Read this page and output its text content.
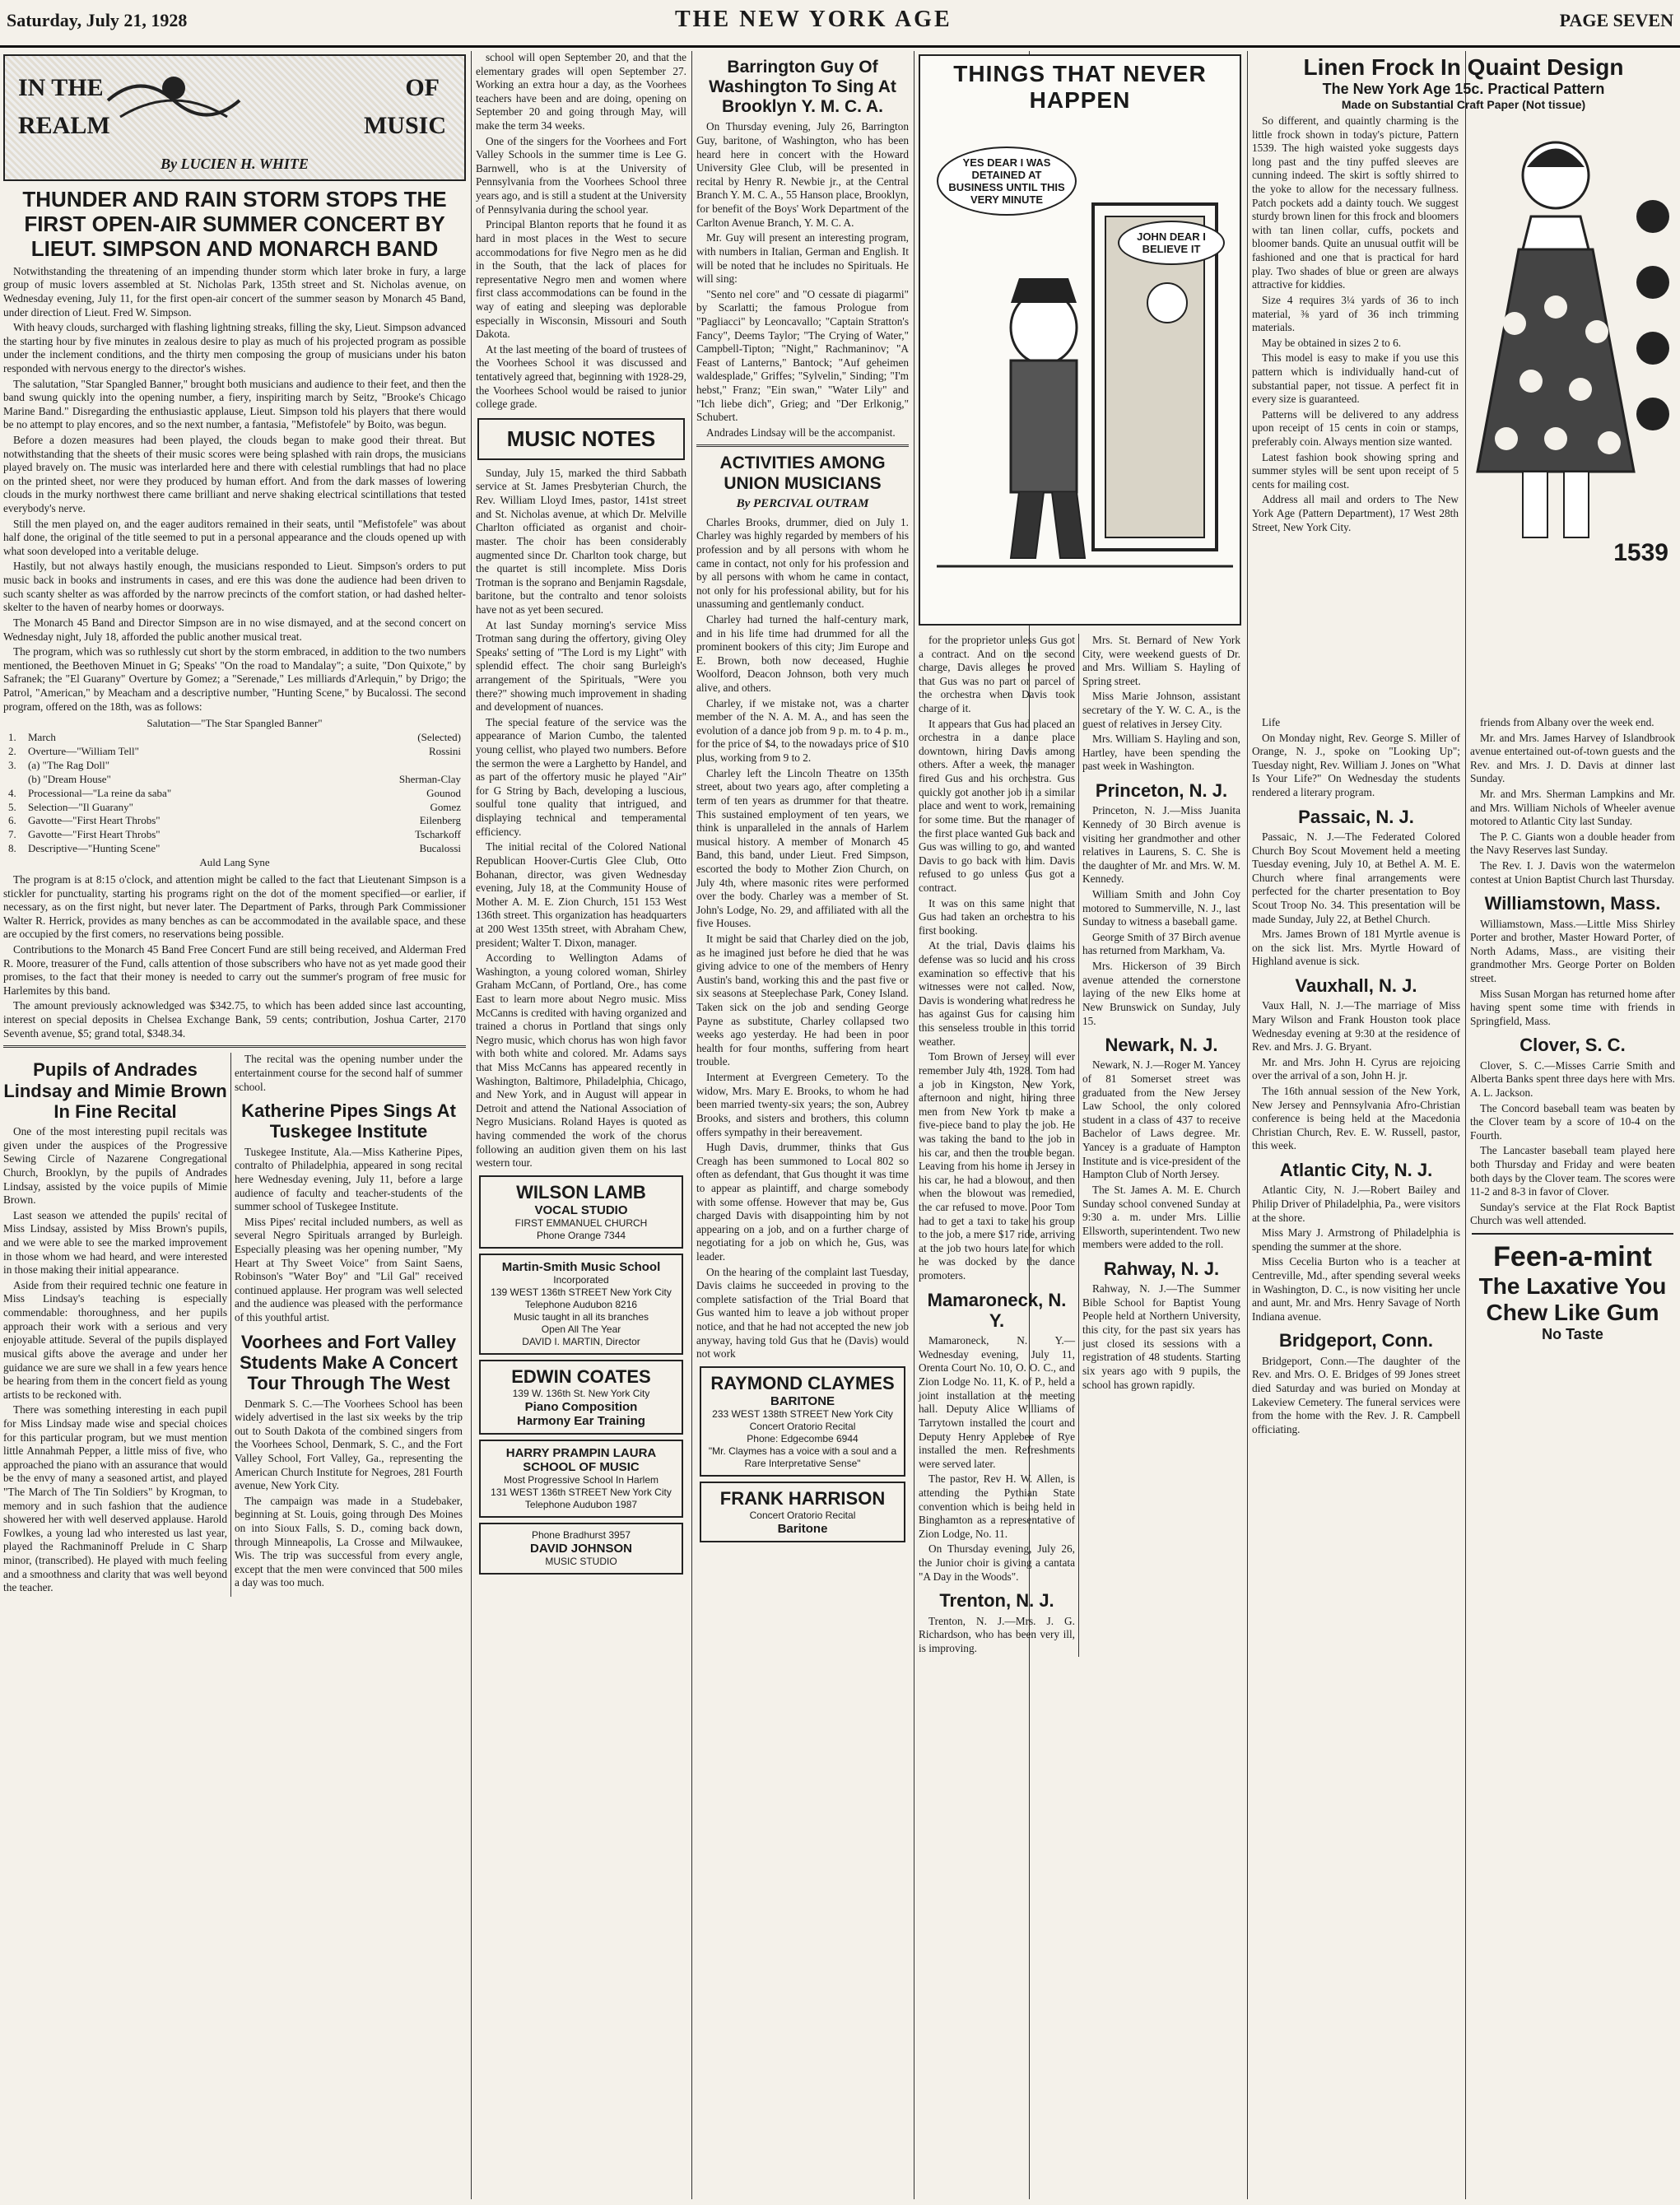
Saturday, July 21, 1928	THE NEW YORK AGE	PAGE SEVEN
IN THE
REALM
OF
MUSIC
By LUCIEN H. WHITE
THUNDER AND RAIN STORM STOPS THE FIRST OPEN-AIR SUMMER CONCERT BY LIEUT. SIMPSON AND MONARCH BAND

Notwithstanding the threatening of an impending thunder storm which later broke in fury, a large group of music lovers assembled at St. Nicholas Park, 135th street and St. Nicholas avenue, on Wednesday evening, July 11, for the first open-air concert of the summer season by Monarch 45 Band, under direction of Lieut. Fred W. Simpson.

With heavy clouds, surcharged with flashing lightning streaks, filling the sky, Lieut. Simpson advanced the starting hour by five minutes in zealous desire to play as much of his projected program as possible under the inclement conditions, and the thirty men composing the group of musicians under his baton responded with nervous energy to the director's wishes.

The salutation, "Star Spangled Banner," brought both musicians and audience to their feet, and then the band swung quickly into the opening number, a fiery, inspiriting march by Seitz, "Brooke's Chicago Marine Band." Disregarding the enthusiastic applause, Lieut. Simpson told his players that there would be no attempt to play encores, and so the next number, a fantasia, "Mefistofele" by Boito, was begun.

Before a dozen measures had been played, the clouds began to make good their threat. But notwithstanding that the sheets of their music scores were being splashed with rain drops, the musicians played bravely on. The music was interlarded here and there with celestial rumblings that had no place on the printed sheet, nor were they produced by human effort. And from the dark masses of lowering clouds in the murky northwest there came brilliant and nerve shaking electrical scintillations that tested everybody's nerve.

Still the men played on, and the eager auditors remained in their seats, until "Mefistofele" was about half done, the original of the title seemed to put in a personal appearance and the clouds opened up with what soon developed into a veritable deluge.

Hastily, but not always hastily enough, the musicians responded to Lieut. Simpson's orders to put music back in books and instruments in cases, and ere this was done the audience had been driven to such scanty shelter as was afforded by the narrow precincts of the comfort station, or had dashed helter-skelter to the haven of nearby homes or doorways.

The Monarch 45 Band and Director Simpson are in no wise dismayed, and at the second concert on Wednesday night, July 18, afforded the public another musical treat.

The program, which was so ruthlessly cut short by the storm embraced, in addition to the two numbers mentioned, the Beethoven Minuet in G; Speaks' "On the road to Mandalay"; a suite, "Don Quixote," by Safranek; the "El Guarany" Overture by Gomez; a "Serenade," Les milliards d'Arlequin," by Drigo; the Patrol, "American," by Meacham and a descriptive number, "Hunting Scene," by Bucalossi. The second program, offered on the 18th, was as follows:

Salutation—"The Star Spangled Banner"
1.	March	(Selected)
2.	Overture—"William Tell"	Rossini
3.	(a) "The Rag Doll"
(b) "Dream House"	Sherman-Clay
4.	Processional—"La reine da saba"	Gounod
5.	Selection—"Il Guarany"	Gomez
6.	Gavotte—"First Heart Throbs"	Eilenberg
7.	Gavotte—"First Heart Throbs"	Tscharkoff
8.	Descriptive—"Hunting Scene"	Bucalossi
Auld Lang Syne

The program is at 8:15 o'clock, and attention might be called to the fact that Lieutenant Simpson is a stickler for punctuality, starting his programs right on the dot of the moment specified—or earlier, if necessary, as on the first night, but never later. The Department of Parks, through Park Commissioner Walter R. Herrick, provides as many benches as can be accommodated in the available space, and these are occupied by the first comers, no reservations being possible.

Contributions to the Monarch 45 Band Free Concert Fund are still being received, and Alderman Fred R. Moore, treasurer of the Fund, calls attention of those subscribers who have not as yet made good their promises, to the fact that their money is needed to carry out the summer's program of free music for Harlemites by this band.

The amount previously acknowledged was $342.75, to which has been added since last accounting, interest on special deposits in Chelsea Exchange Bank, 59 cents; contribution, Joshua Carter, 2170 Seventh avenue, $5; grand total, $348.34.

Pupils of Andrades Lindsay and Mimie Brown In Fine Recital

One of the most interesting pupil recitals was given under the auspices of the Progressive Sewing Circle of Nazarene Congregational Church, Brooklyn, by the pupils of Andrades Lindsay, assisted by the voice pupils of Mimie Brown.

Last season we attended the pupils' recital of Miss Lindsay, assisted by Miss Brown's pupils, and we were able to see the marked improvement in those whom we had heard, and were interested in those making their initial appearance.

Aside from their required technic one feature in Miss Lindsay's teaching is especially commendable: thoroughness, and her pupils approach their work with a serious and very enjoyable attitude. Several of the pupils displayed musical gifts above the average and under her guidance we are sure we shall in a few years hence be hearing from them in the concert field as young artists to be reckoned with.

There was something interesting in each pupil for Miss Lindsay made wise and special choices for this particular program, but we must mention little Annahmah Pepper, a little miss of five, who approached the piano with an assurance that would be the envy of many a seasoned artist, and played "The March of The Tin Soldiers" by Krogman, to memory and in such fashion that the audience showered her with well deserved applause. Harold Fowlkes, a young lad who interested us last year, played the Rachmaninoff Prelude in C Sharp minor, (transcribed). He played with much feeling and a smoothness and clarity that was well beyond the teacher.

The recital was the opening number under the entertainment course for the second half of summer school.

Katherine Pipes Sings At Tuskegee Institute

Tuskegee Institute, Ala.—Miss Katherine Pipes, contralto of Philadelphia, appeared in song recital here Wednesday evening, July 11, before a large audience of faculty and teacher-students of the summer school of Tuskegee Institute.

Miss Pipes' recital included numbers, as well as several Negro Spirituals arranged by Burleigh. Especially pleasing was her opening number, "My Heart at Thy Sweet Voice" from Saint Saens, Robinson's "Water Boy" and "Lil Gal" received continued applause. Her program was well selected and the audience was pleased with the performance of this youthful artist.

Voorhees and Fort Valley Students Make A Concert Tour Through The West

Denmark S. C.—The Voorhees School has been widely advertised in the last six weeks by the trip out to South Dakota of the combined singers from the Voorhees School, Denmark, S. C., and the Fort Valley School, Fort Valley, Ga., representing the American Church Institute for Negroes, 281 Fourth avenue, New York City.

The campaign was made in a Studebaker, beginning at St. Louis, going through Des Moines on into Sioux Falls, S. D., coming back down, through Minneapolis, La Crosse and Milwaukee, Wis. The trip was successful from every angle, except that the men were convinced that 500 miles a day was too much.

school will open September 20, and that the elementary grades will open September 27. Working an extra hour a day, as the Voorhees teachers have been and are doing, opening on September 20 and going through May, will make the term 34 weeks.

One of the singers for the Voorhees and Fort Valley Schools in the summer time is Lee G. Barnwell, who is at the University of Pennsylvania from the Voorhees School three years ago, and is still a student at the University of Pennsylvania during the school year.

Principal Blanton reports that he found it as hard in most places in the West to secure accommodations for five Negro men as he did in the South, that the lack of places for representative Negro men and women where first class accommodations can be found in the way of eating and sleeping was deplorable especially in Wisconsin, Missouri and South Dakota.

At the last meeting of the board of trustees of the Voorhees School it was discussed and tentatively agreed that, beginning with 1928-29, the Voorhees School would be raised to junior college grade.

MUSIC NOTES

Sunday, July 15, marked the third Sabbath service at St. James Presbyterian Church, the Rev. William Lloyd Imes, pastor, 141st street and St. Nicholas avenue, at which Dr. Melville Charlton officiated as organist and choir-master. The choir has been considerably augmented since Dr. Charlton took charge, but the quartet is still incomplete. Miss Doris Trotman is the soprano and Benjamin Ragsdale, baritone, but the contralto and tenor soloists have not as yet been secured.

At last Sunday morning's service Miss Trotman sang during the offertory, giving Oley Speaks' setting of "The Lord is my Light" with splendid effect. The choir sang Burleigh's arrangement of the Spirituals, "Were you there?" showing much improvement in shading and development of nuances.

The special feature of the service was the appearance of Marion Cumbo, the talented young cellist, who played two numbers. Before the sermon the were a Larghetto by Handel, and as part of the offertory music he played "Air" for G String by Bach, developing a luscious, soulful tone quality that intrigued, and displaying technical and temperamental efficiency.

The initial recital of the Colored National Republican Hoover-Curtis Glee Club, Otto Bohanan, director, was given Wednesday evening, July 18, at the Community House of Mother A. M. E. Zion Church, 151 153 West 136th street. This organization has headquarters at 200 West 135th street, with Abraham Chew, president; Walter T. Dixon, manager.

According to Wellington Adams of Washington, a young colored woman, Shirley Graham McCann, of Portland, Ore., has come East to learn more about Negro music. Miss McCanns is credited with having organized and trained a chorus in Portland that sings only Negro music, which chorus has won high favor with both white and colored. Mr. Adams says that Miss McCanns has appeared recently in Washington, Baltimore, Philadelphia, Chicago, and New York, and in August will appear in Detroit and attend the National Association of Negro Musicians. Roland Hayes is quoted as having commended the work of the chorus following an audition given them on his last western tour.

WILSON LAMB
VOCAL STUDIO
FIRST EMMANUEL CHURCH
Phone Orange 7344
Martin-Smith Music School
Incorporated
139 WEST 136th STREET New York City
Telephone Audubon 8216
Music taught in all its branches
Open All The Year
DAVID I. MARTIN, Director
EDWIN COATES
139 W. 136th St. New York City
Piano Composition
Harmony Ear Training
HARRY PRAMPIN LAURA
SCHOOL OF MUSIC
Most Progressive School In Harlem
131 WEST 136th STREET New York City
Telephone Audubon 1987
Phone Bradhurst 3957
DAVID JOHNSON
MUSIC STUDIO
Barrington Guy Of Washington To Sing At Brooklyn Y. M. C. A.

On Thursday evening, July 26, Barrington Guy, baritone, of Washington, who has been heard here in concert with the Howard University Glee Club, will be presented in recital by Henry R. Newbie jr., at the Central Branch Y. M. C. A., 55 Hanson place, Brooklyn, for benefit of the Boys' Work Department of the Carlton Avenue Branch, Y. M. C. A.

Mr. Guy will present an interesting program, with numbers in Italian, German and English. It will be noted that he includes no Spirituals. He will sing:

"Sento nel core" and "O cessate di piagarmi" by Scarlatti; the famous Prologue from "Pagliacci" by Leoncavallo; "Captain Stratton's Fancy", Deems Taylor; "The Crying of Water," Campbell-Tipton; "Night," Rachmaninov; "A Feast of Lanterns," Bantock; "Auf geheimen waldesplade," Griffes; "Sylvelin," Sinding; "I'm hebst," Franz; "Ein swan," "Water Lily" and "Ich liebe dich", Grieg; and "Der Erlkonig," Schubert.

Andrades Lindsay will be the accompanist.

ACTIVITIES AMONG UNION MUSICIANS
By PERCIVAL OUTRAM

Charles Brooks, drummer, died on July 1. Charley was highly regarded by members of his profession and by all persons with whom he came in contact, not only for his profession and by all persons with whom he came in contact, not only for his professional ability, but for his unassuming and gentlemanly conduct.

Charley had turned the half-century mark, and in his life time had drummed for all the prominent bookers of this city; Jim Europe and E. Brown, both now deceased, Hughie Woolford, Deacon Johnson, both very much alive, and others.

Charley, if we mistake not, was a charter member of the N. A. M. A., and has seen the evolution of a dance job from 9 p. m. to 4 p. m., for the price of $4, to the nowadays price of $10 plus, working from 9 to 2.

Charley left the Lincoln Theatre on 135th street, about two years ago, after completing a term of ten years as drummer for that theatre. This sustained employment of ten years, we think is unparalleled in the annals of Harlem musical history. A member of Monarch 45 Band, this band, under Lieut. Fred Simpson, escorted the body to Mother Zion Church, on July 4th, where masonic rites were performed over the body. Charley was a member of St. John's Lodge, No. 29, and affiliated with all the five Houses.

It might be said that Charley died on the job, as he imagined just before he died that he was giving advice to one of the members of Henry Austin's band, working this and the past five or six seasons at Steeplechase Park, Coney Island. Taken sick on the job and sending George Payne as substitute, Charley collapsed two weeks ago yesterday. He had been in poor health for four months, suffering from heart trouble.

Interment at Evergreen Cemetery. To the widow, Mrs. Mary E. Brooks, to whom he had been married twenty-six years; the son, Aubrey Brooks, and sisters and brothers, this column offers sympathy in their bereavement.

Hugh Davis, drummer, thinks that Gus Creagh has been summoned to Local 802 so often as defendant, that Gus thought it was time to appear as plaintiff, and charge somebody with some offense. However that may be, Gus charged Davis with disappointing him by not appearing on a job, and on a further charge of negotiating for a job on which he, Gus, was leader.

On the hearing of the complaint last Tuesday, Davis claims he succeeded in proving to the complete satisfaction of the Trial Board that Gus wanted him to leave a job without proper notice, and that he had not accepted the new job anyway, having told Gus that he (Davis) would not work

RAYMOND CLAYMES
BARITONE
233 WEST 138th STREET New York City
Concert Oratorio Recital
Phone: Edgecombe 6944
"Mr. Claymes has a voice with a soul and a Rare Interpretative Sense"
FRANK HARRISON
Concert Oratorio Recital
Baritone
THINGS THAT NEVER HAPPEN
YES DEAR I WAS DETAINED AT BUSINESS UNTIL THIS VERY MINUTE
JOHN DEAR I BELIEVE IT

for the proprietor unless Gus got a contract. And on the second charge, Davis alleges he proved that Gus was no part or parcel of the orchestra when Davis took charge of it.

It appears that Gus had placed an orchestra in a dance place downtown, hiring Davis among others. After a week, the manager fired Gus and his orchestra. Gus quickly got another job in a similar place and went to work, remaining for some time. But the manager of the first place wanted Gus back and Gus was willing to go, and wanted Davis to go back with him. Davis refused to go unless Gus got a contract.

It was on this same night that Gus had taken an orchestra to his first booking.

At the trial, Davis claims his defense was so lucid and his cross examination so effective that his witnesses were not called. Now, Davis is wondering what redress he has against Gus for causing him this senseless trouble in this torrid weather.

Tom Brown of Jersey will ever remember July 4th, 1928. Tom had a job in Kingston, New York, afternoon and night, hiring three men from New York to make a five-piece band to play the job. He was taking the band to the job in his car, and then the trouble began. Leaving from his home in Jersey in his car, he had a blowout, and then when the blowout was remedied, the car refused to move. Poor Tom had to get a taxi to take his group to the job, a mere $17 ride, arriving at the job two hours late for which he was docked by the dance promoters.

Mamaroneck, N. Y.

Mamaroneck, N. Y.—Wednesday evening, July 11, Orenta Court No. 10, O. O. C., and Zion Lodge No. 11, K. of P., held a joint installation at the meeting hall. Deputy Alice Williams of Tarrytown installed the court and Deputy Henry Applebee of Rye installed the men. Refreshments were served later.

The pastor, Rev H. W. Allen, is attending the Pythian State convention which is being held in Binghamton as a representative of Zion Lodge, No. 11.

On Thursday evening, July 26, the Junior choir is giving a cantata "A Day in the Woods".

Trenton, N. J.

Trenton, N. J.—Mrs. J. G. Richardson, who has been very ill, is improving.

Mrs. St. Bernard of New York City, were weekend guests of Dr. and Mrs. William S. Hayling of Spring street.

Miss Marie Johnson, assistant secretary of the Y. W. C. A., is the guest of relatives in Jersey City.

Mrs. William S. Hayling and son, Hartley, have been spending the past week in Washington.

Princeton, N. J.

Princeton, N. J.—Miss Juanita Kennedy of 30 Birch avenue is visiting her grandmother and other relatives in Laurens, S. C. She is the daughter of Mr. and Mrs. W. M. Kennedy.

William Smith and John Coy motored to Summerville, N. J., last Sunday to witness a baseball game.

George Smith of 37 Birch avenue has returned from Markham, Va.

Mrs. Hickerson of 39 Birch avenue attended the cornerstone laying of the new Elks home at New Brunswick on Sunday, July 15.

Newark, N. J.

Newark, N. J.—Roger M. Yancey of 81 Somerset street was graduated from the New Jersey Law School, the only colored student in a class of 437 to receive Bachelor of Laws degree. Mr. Yancey is a graduate of Hampton Institute and is vice-president of the Hampton Club of North Jersey.

The St. James A. M. E. Church Sunday school convened Sunday at 9:30 a. m. under Mrs. Lillie Ellsworth, superintendent. Two new members were added to the roll.

Rahway, N. J.

Rahway, N. J.—The Summer Bible School for Baptist Young People held at Northern University, this city, for the past six years has just closed its sessions with a registration of 48 students. Starting six years ago with 9 pupils, the school has grown rapidly.

Linen Frock In Quaint Design
The New York Age 15c. Practical Pattern
Made on Substantial Craft Paper (Not tissue)

So different, and quaintly charming is the little frock shown in today's picture, Pattern 1539. The high waisted yoke suggests days long past and the tiny puffed sleeves are cunning indeed. The skirt is softly shirred to the yoke to allow for the necessary fullness. Patch pockets add a dainty touch. We suggest sturdy brown linen for this frock and bloomers with tan linen collar, cuffs, pockets and bloomer bands. Quite an unusual outfit will be fashioned and one that is practical for hard play. Two shades of blue or green are always attractive for kiddies.

Size 4 requires 3¼ yards of 36 to inch material, ⅜ yard of 36 inch trimming materials.

May be obtained in sizes 2 to 6.

This model is easy to make if you use this pattern which is individually hand-cut of substantial paper, not tissue. A perfect fit in every size is guaranteed.

Patterns will be delivered to any address upon receipt of 15 cents in coin or stamps, preferably coin. Always mention size wanted.

Latest fashion book showing spring and summer styles will be sent upon receipt of 5 cents for mailing cost.

Address all mail and orders to The New York Age (Pattern Department), 17 West 28th Street, New York City.

1539

Life

On Monday night, Rev. George S. Miller of Orange, N. J., spoke on "Looking Up"; Tuesday night, Rev. William J. Jones on "What Is Your Life?" On Wednesday the students rendered a literary program.

Passaic, N. J.

Passaic, N. J.—The Federated Colored Church Boy Scout Movement held a meeting Tuesday evening, July 10, at Bethel A. M. E. Church where final arrangements were perfected for the charter presentation to Boy Scout Troop No. 34. This presentation will be made Sunday, July 22, at Bethel Church.

Mrs. James Brown of 181 Myrtle avenue is on the sick list. Mrs. Myrtle Howard of Highland avenue is sick.

Vauxhall, N. J.

Vaux Hall, N. J.—The marriage of Miss Mary Wilson and Frank Houston took place Wednesday evening at 9:30 at the residence of Rev. and Mrs. J. G. Bryant.

Mr. and Mrs. John H. Cyrus are rejoicing over the arrival of a son, John H. jr.

The 16th annual session of the New York, New Jersey and Pennsylvania Afro-Christian conference is being held at the Macedonia Christian Church, Rev. E. W. Russell, pastor, this week.

Atlantic City, N. J.

Atlantic City, N. J.—Robert Bailey and Philip Driver of Philadelphia, Pa., were visitors at the shore.

Miss Mary J. Armstrong of Philadelphia is spending the summer at the shore.

Miss Cecelia Burton who is a teacher at Centreville, Md., after spending several weeks in Washington, D. C., is now visiting her uncle and aunt, Mr. and Mrs. Henry Savage of North Indiana avenue.

Bridgeport, Conn.

Bridgeport, Conn.—The daughter of the Rev. and Mrs. O. E. Bridges of 99 Jones street died Saturday and was buried on Monday at Lakeview Cemetery. The funeral services were from the home with the Rev. J. R. Campbell officiating.

friends from Albany over the week end.

Mr. and Mrs. James Harvey of Islandbrook avenue entertained out-of-town guests and the Rev. and Mrs. J. D. Davis at dinner last Sunday.

Mr. and Mrs. Sherman Lampkins and Mr. and Mrs. William Nichols of Wheeler avenue motored to Atlantic City last Sunday.

The P. C. Giants won a double header from the Navy Reserves last Sunday.

The Rev. I. J. Davis won the watermelon contest at Union Baptist Church last Thursday.

Williamstown, Mass.

Williamstown, Mass.—Little Miss Shirley Porter and brother, Master Howard Porter, of North Adams, Mass., are visiting their grandmother Mrs. George Porter on Bolden street.

Miss Susan Morgan has returned home after having spent some time with friends in Springfield, Mass.

Clover, S. C.

Clover, S. C.—Misses Carrie Smith and Alberta Banks spent three days here with Mrs. A. L. Jackson.

The Concord baseball team was beaten by the Clover team by a score of 10-4 on the Fourth.

The Lancaster baseball team played here both Thursday and Friday and were beaten both days by the Clover team. The scores were 11-2 and 8-3 in favor of Clover.

Sunday's service at the Flat Rock Baptist Church was well attended.

Feen-a-mint
The Laxative You Chew Like Gum
No Taste
